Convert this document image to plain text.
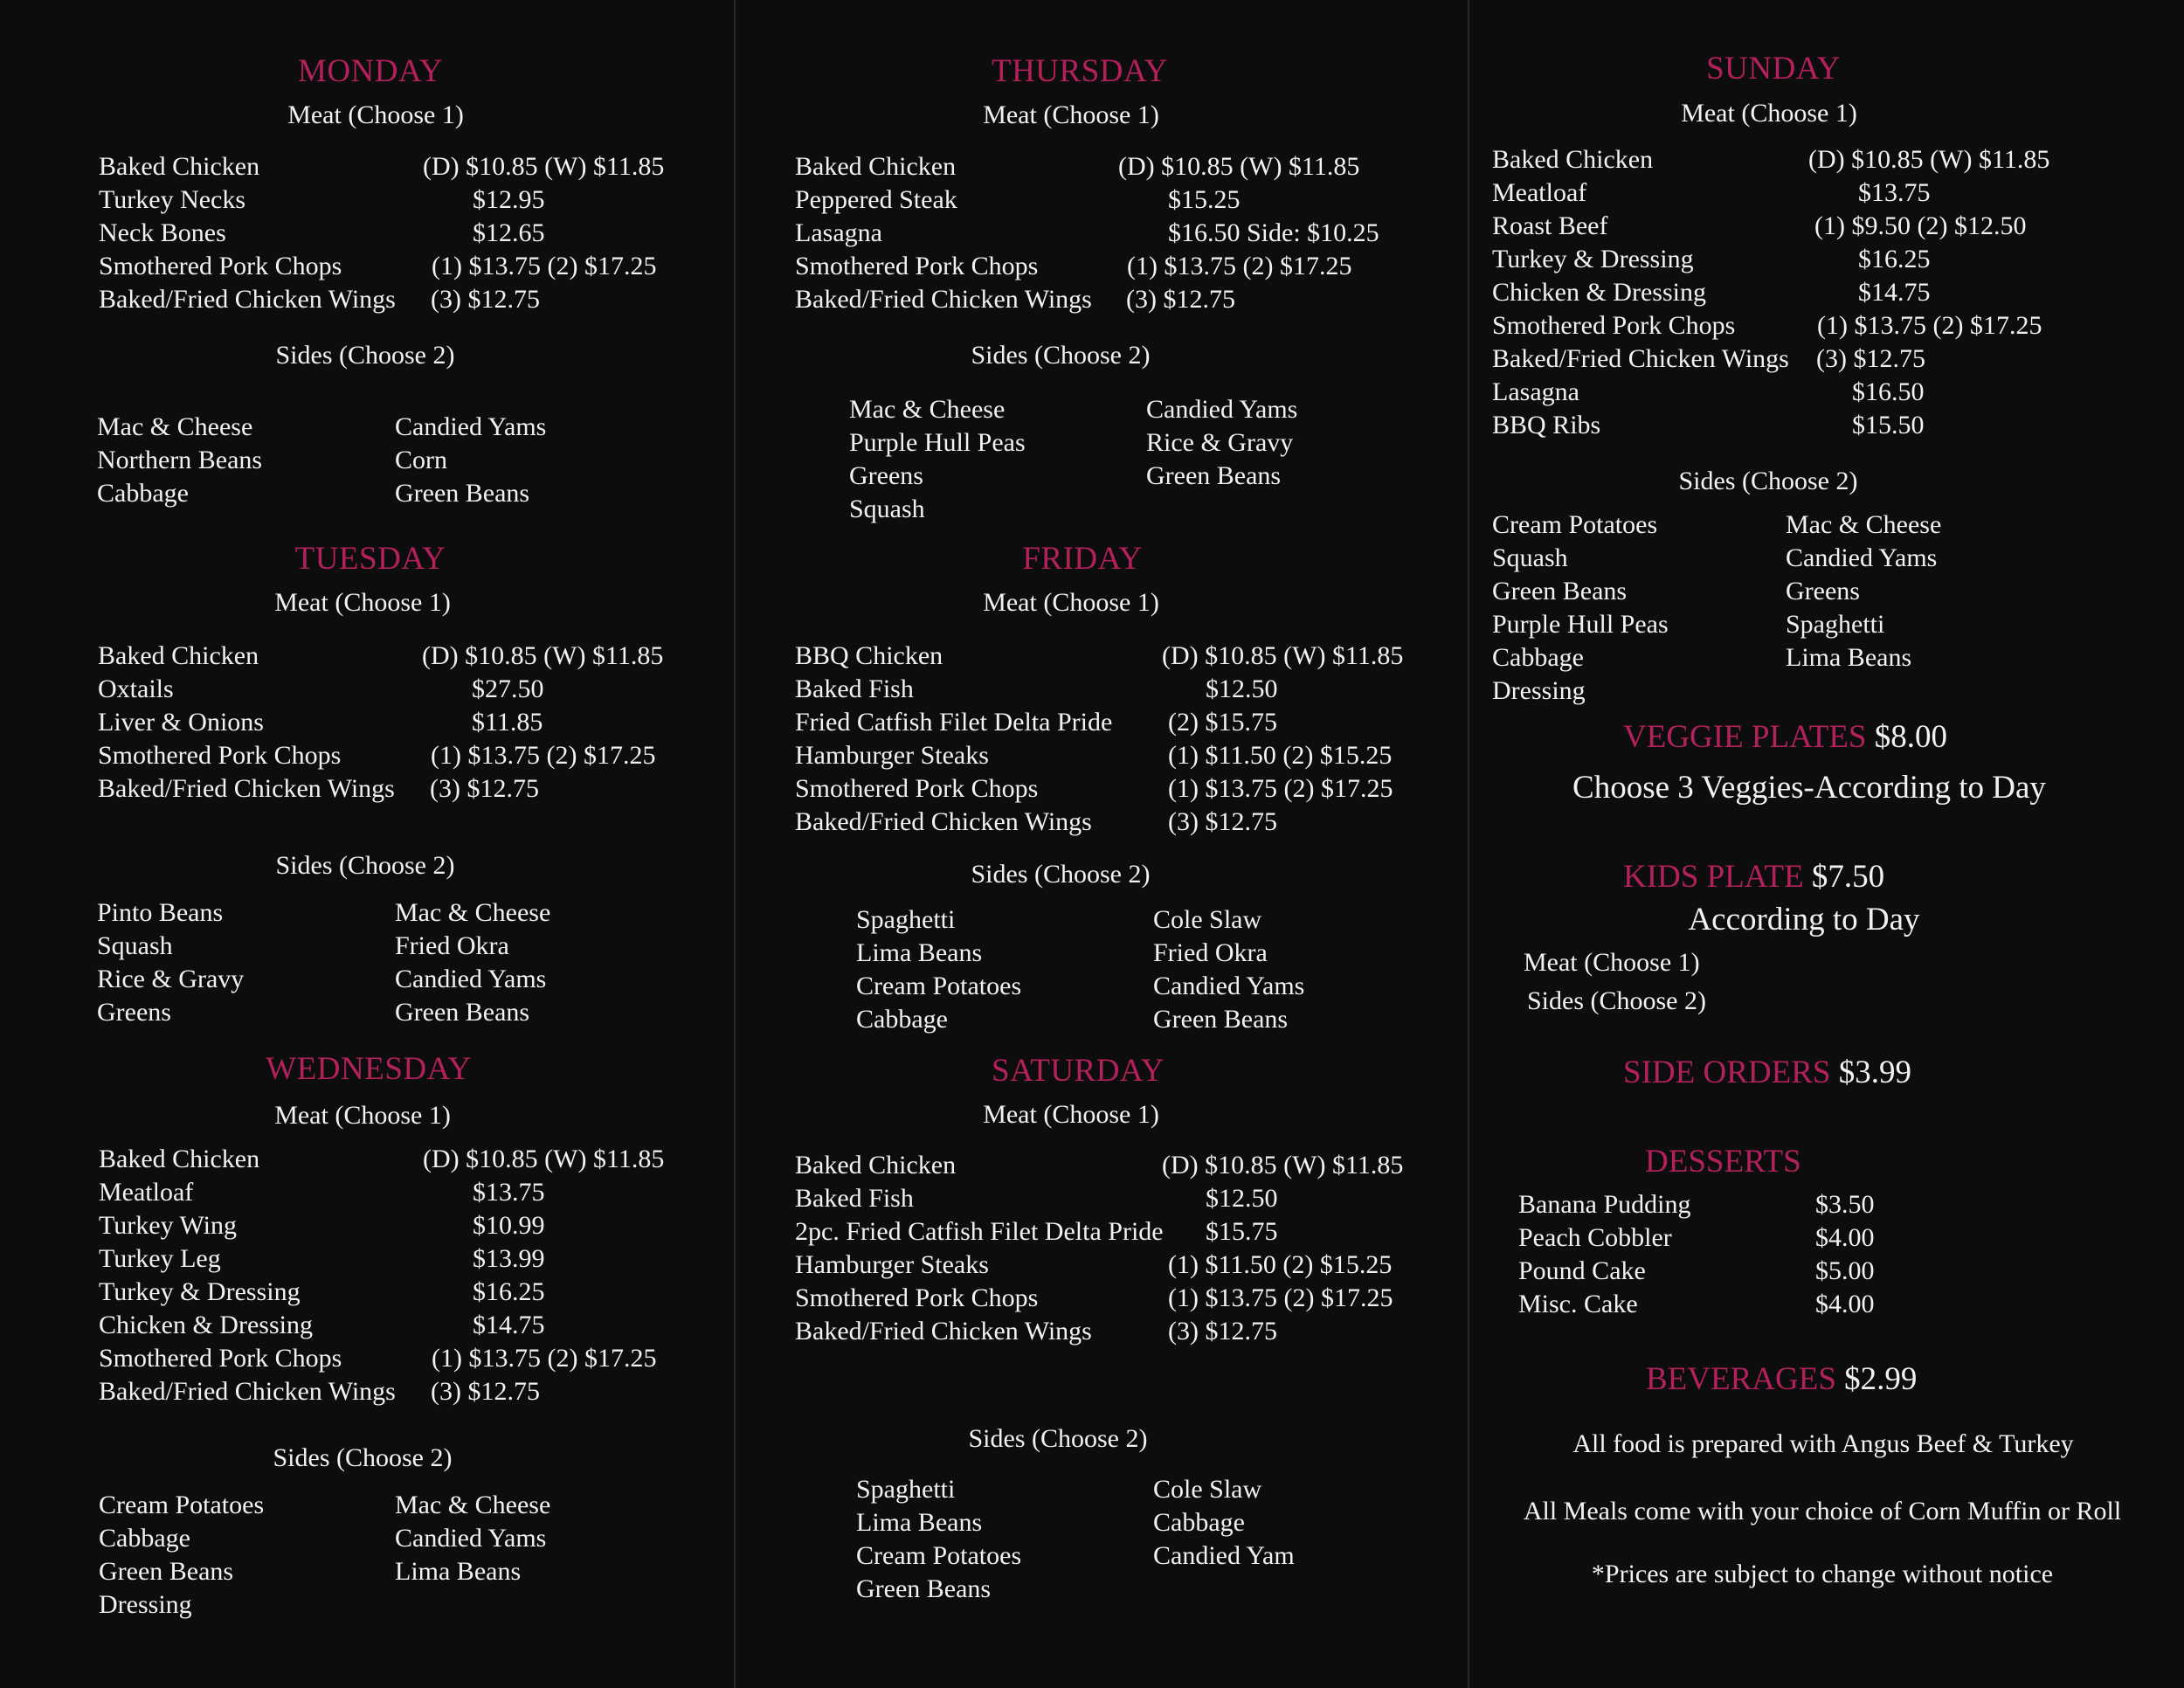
MONDAY
Meat (Choose 1)
Baked Chicken	(D) $10.85 (W) $11.85
Turkey Necks	$12.95
Neck Bones	$12.65
Smothered Pork Chops	(1) $13.75 (2) $17.25
Baked/Fried Chicken Wings (3) $12.75
Sides (Choose 2)
Mac & Cheese
Northern Beans
Cabbage
Candied Yams
Corn
Green Beans
TUESDAY
Meat (Choose 1)
Baked Chicken	(D) $10.85 (W) $11.85
Oxtails	$27.50
Liver & Onions	$11.85
Smothered Pork Chops	(1) $13.75 (2) $17.25
Baked/Fried Chicken Wings (3) $12.75
Sides (Choose 2)
Pinto Beans
Squash
Rice & Gravy
Greens
Mac & Cheese
Fried Okra
Candied Yams
Green Beans
WEDNESDAY
Meat (Choose 1)
Baked Chicken	(D) $10.85 (W) $11.85
Meatloaf	$13.75
Turkey Wing	$10.99
Turkey Leg	$13.99
Turkey & Dressing	$16.25
Chicken & Dressing	$14.75
Smothered Pork Chops	(1) $13.75 (2) $17.25
Baked/Fried Chicken Wings (3) $12.75
Sides (Choose 2)
Cream Potatoes
Cabbage
Green Beans
Dressing
Mac & Cheese
Candied Yams
Lima Beans
THURSDAY
Meat (Choose 1)
Baked Chicken	(D) $10.85 (W) $11.85
Peppered Steak	$15.25
Lasagna	$16.50 Side: $10.25
Smothered Pork Chops	(1) $13.75 (2) $17.25
Baked/Fried Chicken Wings (3) $12.75
Sides (Choose 2)
Mac & Cheese
Purple Hull Peas
Greens
Squash
Candied Yams
Rice & Gravy
Green Beans
FRIDAY
Meat (Choose 1)
BBQ Chicken	(D) $10.85 (W) $11.85
Baked Fish	$12.50
Fried Catfish Filet Delta Pride (2) $15.75
Hamburger Steaks	(1) $11.50 (2) $15.25
Smothered Pork Chops	(1) $13.75 (2) $17.25
Baked/Fried Chicken Wings	(3) $12.75
Sides (Choose 2)
Spaghetti
Lima Beans
Cream Potatoes
Cabbage
Cole Slaw
Fried Okra
Candied Yams
Green Beans
SATURDAY
Meat (Choose 1)
Baked Chicken	(D) $10.85 (W) $11.85
Baked Fish	$12.50
2pc. Fried Catfish Filet Delta Pride $15.75
Hamburger Steaks	(1) $11.50 (2) $15.25
Smothered Pork Chops	(1) $13.75 (2) $17.25
Baked/Fried Chicken Wings	(3) $12.75
Sides (Choose 2)
Spaghetti
Lima Beans
Cream Potatoes
Green Beans
Cole Slaw
Cabbage
Candied Yam
SUNDAY
Meat (Choose 1)
Baked Chicken	(D) $10.85 (W) $11.85
Meatloaf	$13.75
Roast Beef	(1) $9.50 (2) $12.50
Turkey & Dressing	$16.25
Chicken & Dressing	$14.75
Smothered Pork Chops	(1) $13.75 (2) $17.25
Baked/Fried Chicken Wings (3) $12.75
Lasagna	$16.50
BBQ Ribs	$15.50
Sides (Choose 2)
Cream Potatoes
Squash
Green Beans
Purple Hull Peas
Cabbage
Dressing
Mac & Cheese
Candied Yams
Greens
Spaghetti
Lima Beans
VEGGIE PLATES $8.00
Choose 3 Veggies-According to Day
KIDS PLATE $7.50
According to Day
Meat (Choose 1)
Sides (Choose 2)
SIDE ORDERS $3.99
DESSERTS
Banana Pudding	$3.50
Peach Cobbler	$4.00
Pound Cake	$5.00
Misc. Cake	$4.00
BEVERAGES $2.99
All food is prepared with Angus Beef & Turkey
All Meals come with your choice of Corn Muffin or Roll
*Prices are subject to change without notice
